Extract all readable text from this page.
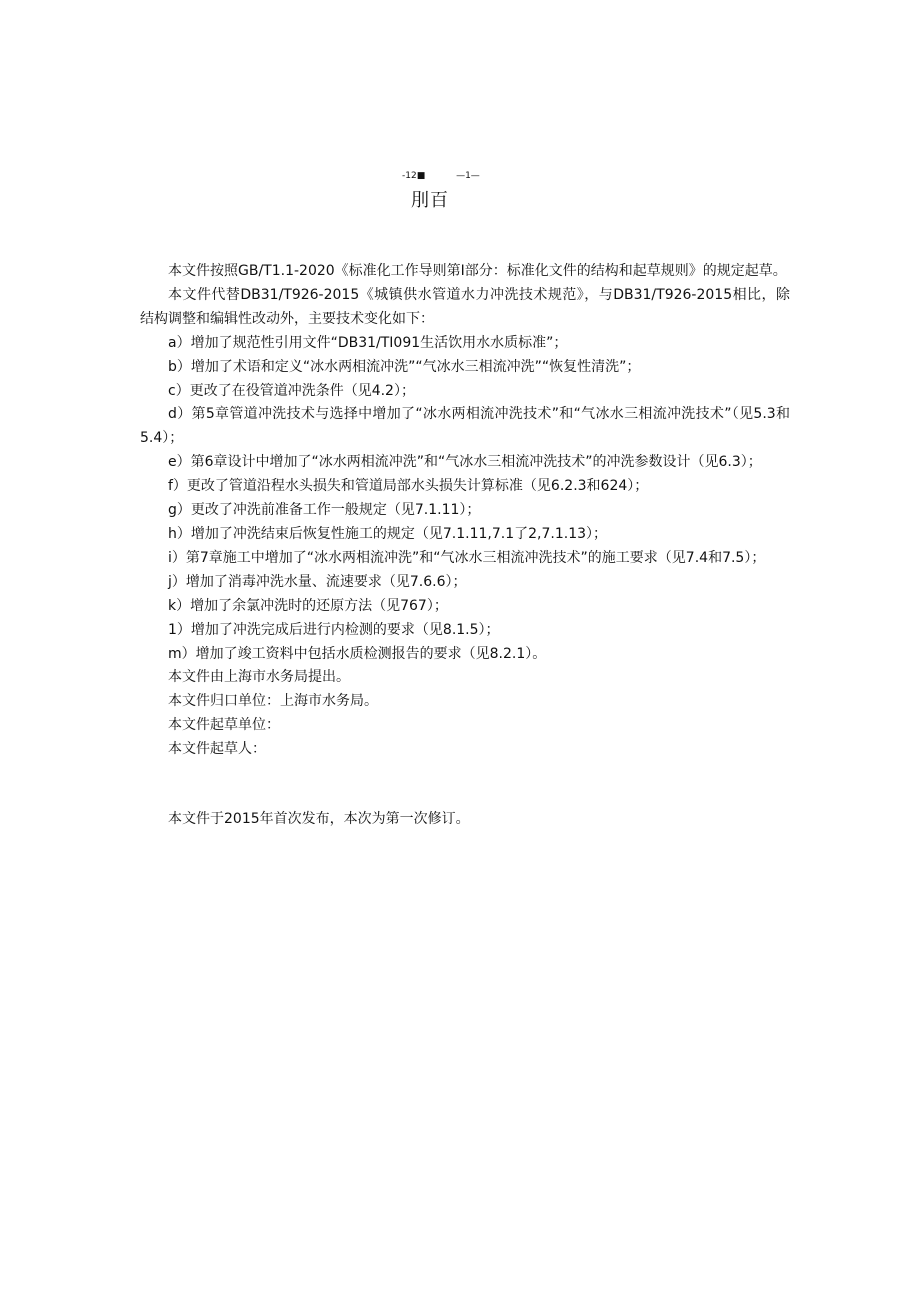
-12■	—1—
刖百

本文件按照GB/T1.1-2020《标准化工作导则第I部分：标准化文件的结构和起草规则》的规定起草。

本文件代替DB31/T926-2015《城镇供水管道水力冲洗技术规范》，与DB31/T926-2015相比，除结构调整和编辑性改动外，主要技术变化如下：

a）增加了规范性引用文件“DB31/TI091生活饮用水水质标准”；

b）增加了术语和定义“冰水两相流冲洗”“气冰水三相流冲洗”“恢复性清洗”；

c）更改了在役管道冲洗条件（见4.2）；

d）第5章管道冲洗技术与选择中增加了“冰水两相流冲洗技术”和“气冰水三相流冲洗技术”（见5.3和5.4）；

e）第6章设计中增加了“冰水两相流冲洗”和“气冰水三相流冲洗技术”的冲洗参数设计（见6.3）；

f）更改了管道沿程水头损失和管道局部水头损失计算标准（见6.2.3和624）；

g）更改了冲洗前准备工作一般规定（见7.1.11）；

h）增加了冲洗结束后恢复性施工的规定（见7.1.11,7.1了2,7.1.13）；

i）第7章施工中增加了“冰水两相流冲洗”和“气冰水三相流冲洗技术”的施工要求（见7.4和7.5）；

j）增加了消毒冲洗水量、流速要求（见7.6.6）；

k）增加了余氯冲洗时的还原方法（见767）；

1）增加了冲洗完成后进行内检测的要求（见8.1.5）；

m）增加了竣工资料中包括水质检测报告的要求（见8.2.1）。

本文件由上海市水务局提出。

本文件归口单位：上海市水务局。

本文件起草单位：

本文件起草人：

本文件于2015年首次发布，本次为第一次修订。
